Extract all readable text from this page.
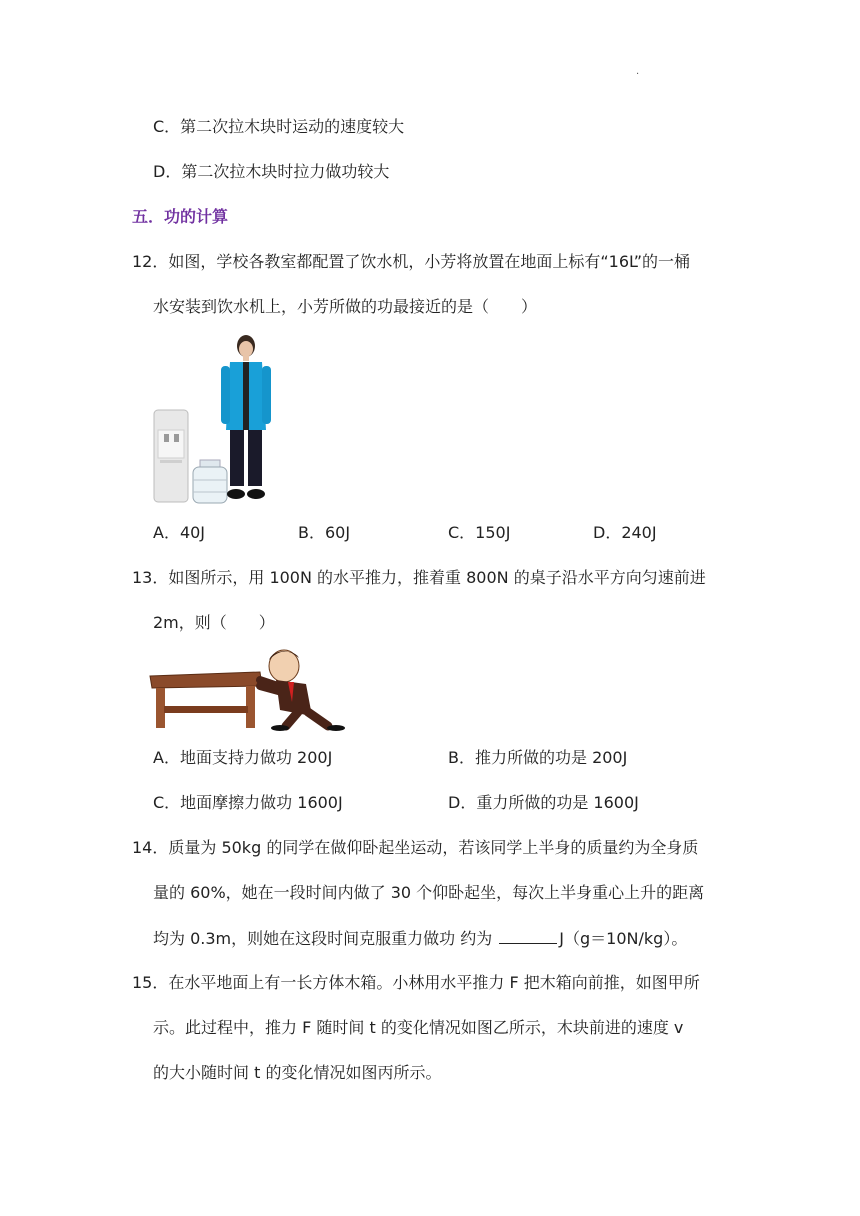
.
C．第二次拉木块时运动的速度较大
D．第二次拉木块时拉力做功较大
五．功的计算
12．如图，学校各教室都配置了饮水机，小芳将放置在地面上标有“16L”的一桶
水安装到饮水机上，小芳所做的功最接近的是（　　）
A．40J	B．60J	C．150J	D．240J
13．如图所示，用 100N 的水平推力，推着重 800N 的桌子沿水平方向匀速前进
2m，则（　　）
A．地面支持力做功 200J	B．推力所做的功是 200J
C．地面摩擦力做功 1600J	D．重力所做的功是 1600J
14．质量为 50kg 的同学在做仰卧起坐运动，若该同学上半身的质量约为全身质
量的 60%，她在一段时间内做了 30 个仰卧起坐，每次上半身重心上升的距离
均为 0.3m，则她在这段时间克服重力做功 约为	J（g＝10N/kg）。
15．在水平地面上有一长方体木箱。小林用水平推力 F 把木箱向前推，如图甲所
示。此过程中，推力 F 随时间 t 的变化情况如图乙所示，木块前进的速度 v
的大小随时间 t 的变化情况如图丙所示。
